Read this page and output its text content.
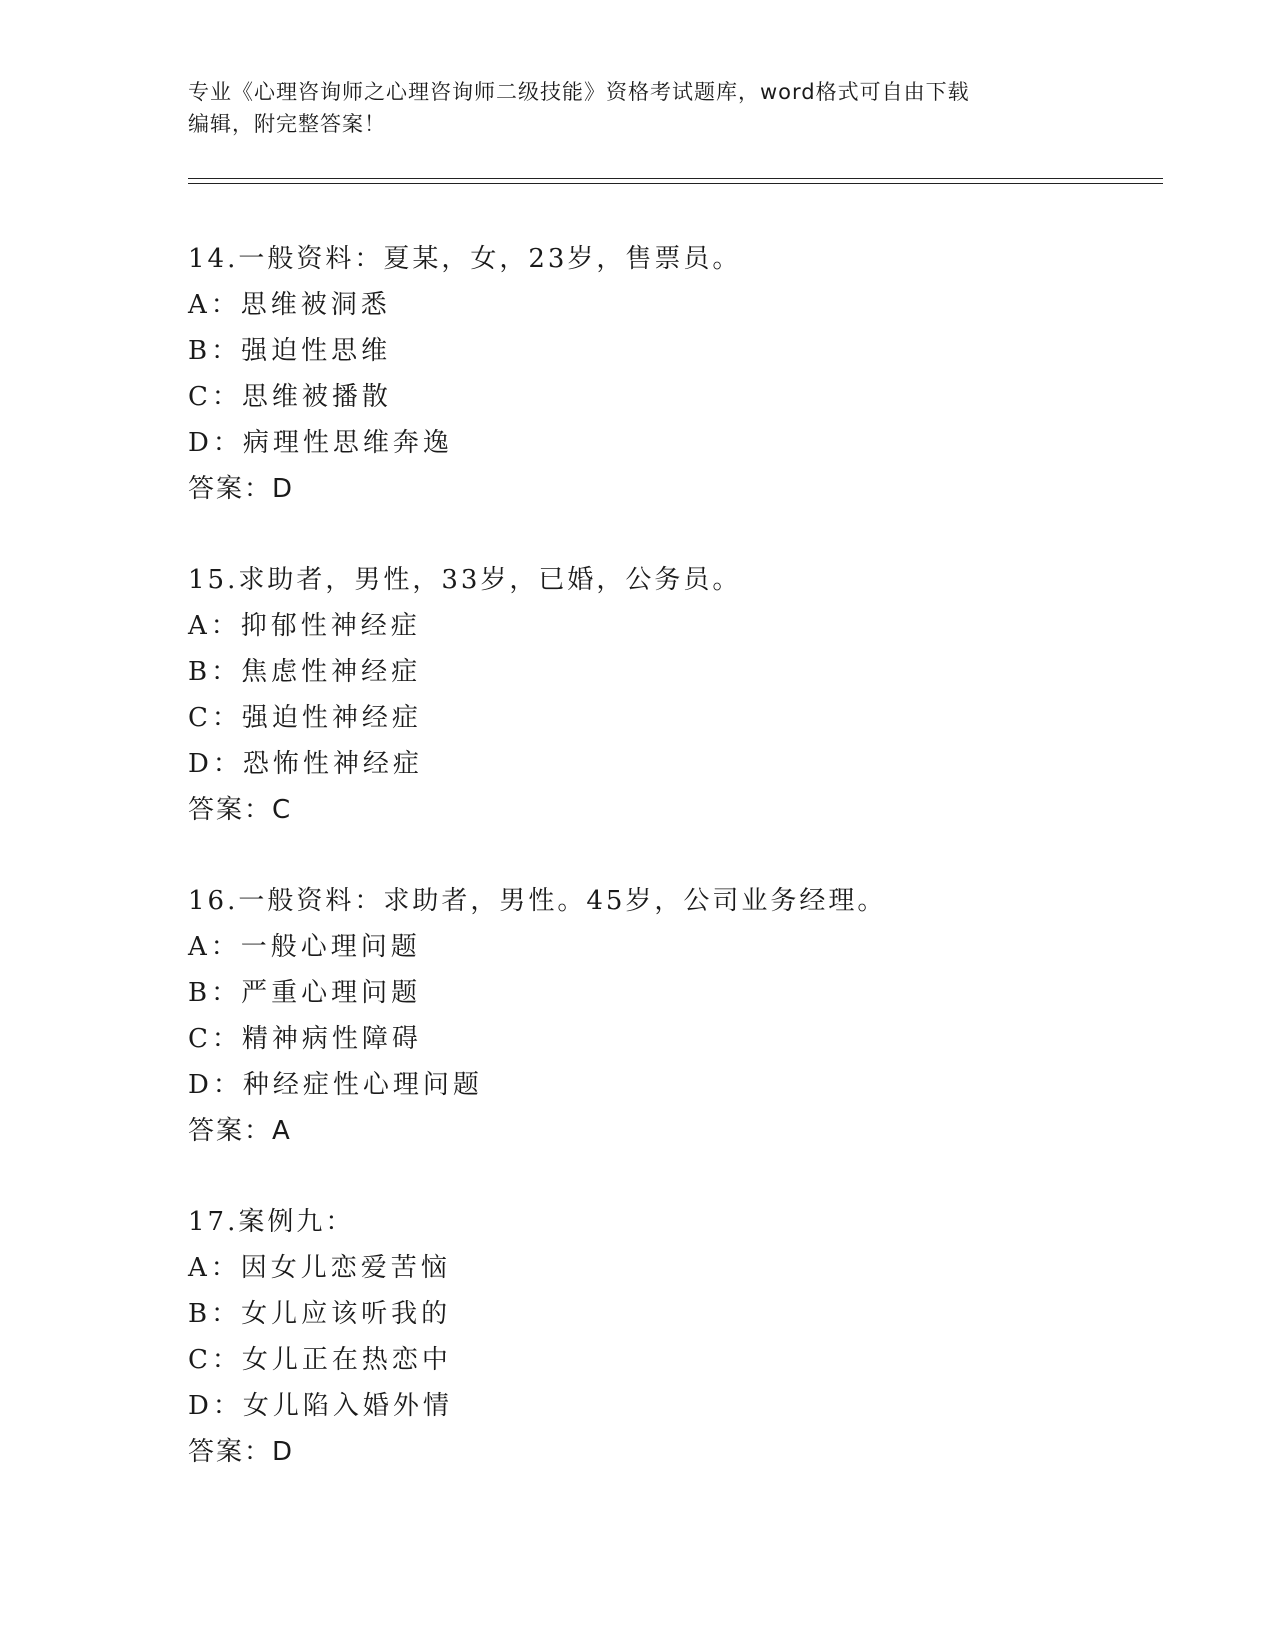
专业《心理咨询师之心理咨询师二级技能》资格考试题库，word格式可自由下载
编辑，附完整答案！
14.一般资料：夏某，女，23岁，售票员。
A：思维被洞悉
B：强迫性思维
C：思维被播散
D：病理性思维奔逸
答案：D
15.求助者，男性，33岁，已婚，公务员。
A：抑郁性神经症
B：焦虑性神经症
C：强迫性神经症
D：恐怖性神经症
答案：C
16.一般资料：求助者，男性。45岁，公司业务经理。
A：一般心理问题
B：严重心理问题
C：精神病性障碍
D：种经症性心理问题
答案：A
17.案例九：
A：因女儿恋爱苦恼
B：女儿应该听我的
C：女儿正在热恋中
D：女儿陷入婚外情
答案：D
